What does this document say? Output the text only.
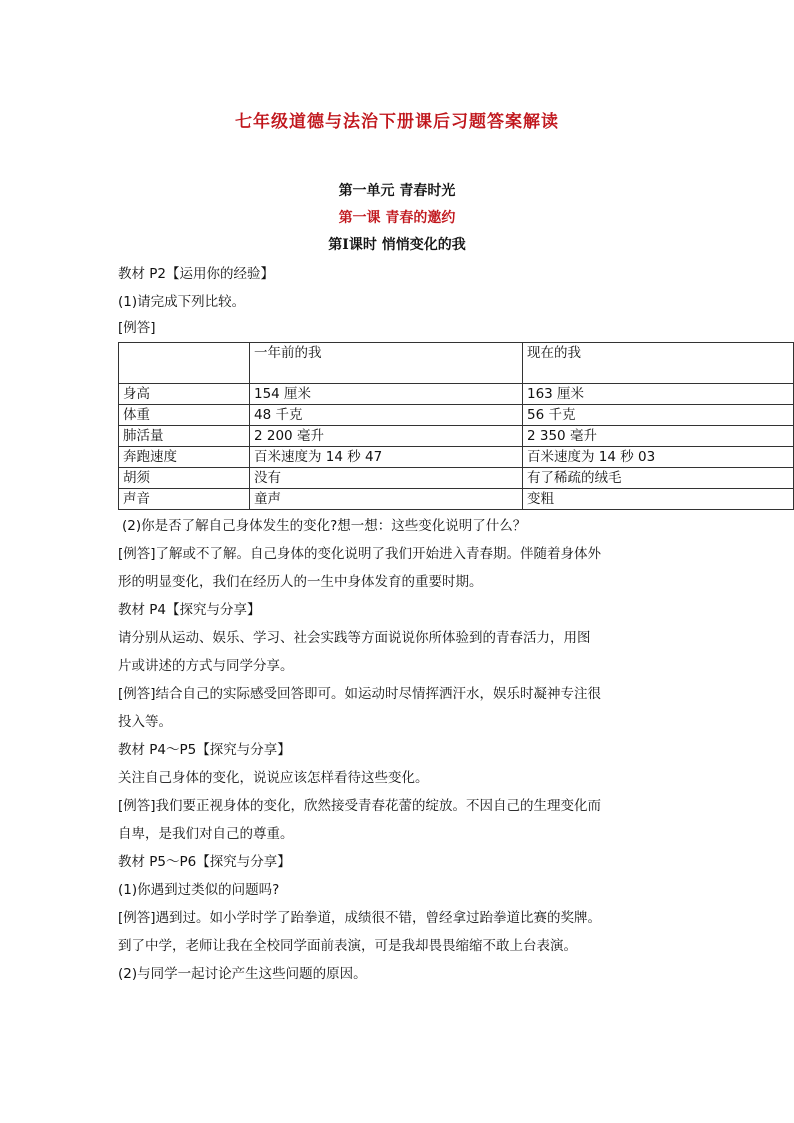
七年级道德与法治下册课后习题答案解读
第一单元 青春时光
第一课 青春的邀约
第Ⅰ课时 悄悄变化的我
教材 P2【运用你的经验】
(1)请完成下列比较。
[例答]
	一年前的我	现在的我
身高	154 厘米	163 厘米
体重	48 千克	56 千克
肺活量	2 200 毫升	2 350 毫升
奔跑速度	百米速度为 14 秒 47	百米速度为 14 秒 03
胡须	没有	有了稀疏的绒毛
声音	童声	变粗
(2)你是否了解自己身体发生的变化?想一想：这些变化说明了什么？
[例答]了解或不了解。自己身体的变化说明了我们开始进入青春期。伴随着身体外
形的明显变化，我们在经历人的一生中身体发育的重要时期。
教材 P4【探究与分享】
请分别从运动、娱乐、学习、社会实践等方面说说你所体验到的青春活力，用图
片或讲述的方式与同学分享。
[例答]结合自己的实际感受回答即可。如运动时尽情挥洒汗水，娱乐时凝神专注很
投入等。
教材 P4～P5【探究与分享】
关注自己身体的变化，说说应该怎样看待这些变化。
[例答]我们要正视身体的变化，欣然接受青春花蕾的绽放。不因自己的生理变化而
自卑，是我们对自己的尊重。
教材 P5～P6【探究与分享】
(1)你遇到过类似的问题吗?
[例答]遇到过。如小学时学了跆拳道，成绩很不错，曾经拿过跆拳道比赛的奖牌。
到了中学，老师让我在全校同学面前表演，可是我却畏畏缩缩不敢上台表演。
(2)与同学一起讨论产生这些问题的原因。
